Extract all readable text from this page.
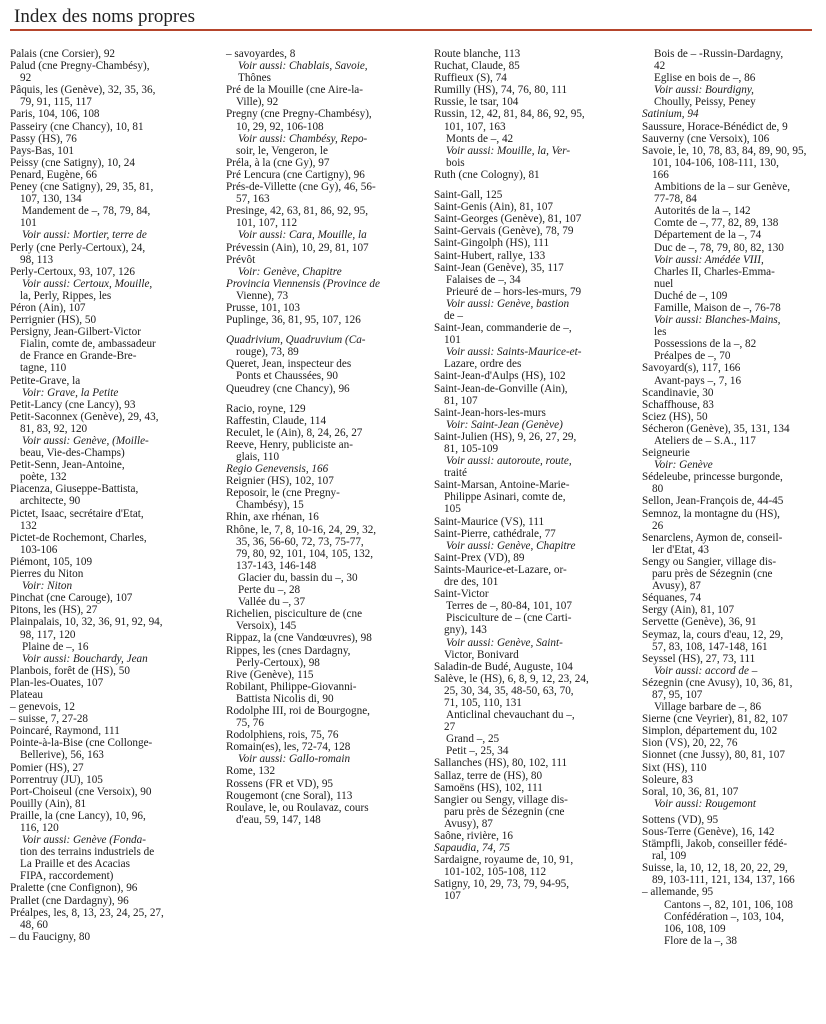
Index des noms propres
Palais (cne Corsier), 92
Palud (cne Pregny-Chambésy),
92
Pâquis, les (Genève), 32, 35, 36,
79, 91, 115, 117
Paris, 104, 106, 108
Passeiry (cne Chancy), 10, 81
Passy (HS), 76
Pays-Bas, 101
Peissy (cne Satigny), 10, 24
Penard, Eugène, 66
Peney (cne Satigny), 29, 35, 81,
107, 130, 134
Mandement de –, 78, 79, 84,
101
Voir aussi: Mortier, terre de
Perly (cne Perly-Certoux), 24,
98, 113
Perly-Certoux, 93, 107, 126
Voir aussi: Certoux, Mouille,
la, Perly, Rippes, les
Péron (Ain), 107
Perrignier (HS), 50
Persigny, Jean-Gilbert-Victor
Fialin, comte de, ambassadeur
de France en Grande-Bre-
tagne, 110
Petite-Grave, la
Voir: Grave, la Petite
Petit-Lancy (cne Lancy), 93
Petit-Saconnex (Genève), 29, 43,
81, 83, 92, 120
Voir aussi: Genève, (Moille-
beau, Vie-des-Champs)
Petit-Senn, Jean-Antoine,
poète, 132
Piacenza, Giuseppe-Battista,
architecte, 90
Pictet, Isaac, secrétaire d'Etat,
132
Pictet-de Rochemont, Charles,
103-106
Piémont, 105, 109
Pierres du Niton
Voir: Niton
Pinchat (cne Carouge), 107
Pitons, les (HS), 27
Plainpalais, 10, 32, 36, 91, 92, 94,
98, 117, 120
Plaine de –, 16
Voir aussi: Bouchardy, Jean
Planbois, forêt de (HS), 50
Plan-les-Ouates, 107
Plateau
– genevois, 12
– suisse, 7, 27-28
Poincaré, Raymond, 111
Pointe-à-la-Bise (cne Collonge-
Bellerive), 56, 163
Pomier (HS), 27
Porrentruy (JU), 105
Port-Choiseul (cne Versoix), 90
Pouilly (Ain), 81
Praille, la (cne Lancy), 10, 96,
116, 120
Voir aussi: Genève (Fonda-
tion des terrains industriels de
La Praille et des Acacias
FIPA, raccordement)
Pralette (cne Confignon), 96
Prallet (cne Dardagny), 96
Préalpes, les, 8, 13, 23, 24, 25, 27,
48, 60
– du Faucigny, 80
– savoyardes, 8
Voir aussi: Chablais, Savoie,
Thônes
Pré de la Mouille (cne Aire-la-
Ville), 92
Pregny (cne Pregny-Chambésy),
10, 29, 92, 106-108
Voir aussi: Chambésy, Repo-
soir, le, Vengeron, le
Préla, à la (cne Gy), 97
Pré Lencura (cne Cartigny), 96
Prés-de-Villette (cne Gy), 46, 56-
57, 163
Presinge, 42, 63, 81, 86, 92, 95,
101, 107, 112
Voir aussi: Cara, Mouille, la
Prévessin (Ain), 10, 29, 81, 107
Prévôt
Voir: Genève, Chapitre
Provincia Viennensis (Province de
Vienne), 73
Prusse, 101, 103
Puplinge, 36, 81, 95, 107, 126
Quadrivium, Quadruvium (Ca-
rouge), 73, 89
Queret, Jean, inspecteur des
Ponts et Chaussées, 90
Queudrey (cne Chancy), 96
Racio, royne, 129
Raffestin, Claude, 114
Reculet, le (Ain), 8, 24, 26, 27
Reeve, Henry, publiciste an-
glais, 110
Regio Genevensis, 166
Reignier (HS), 102, 107
Reposoir, le (cne Pregny-
Chambésy), 15
Rhin, axe rhénan, 16
Rhône, le, 7, 8, 10-16, 24, 29, 32,
35, 36, 56-60, 72, 73, 75-77,
79, 80, 92, 101, 104, 105, 132,
137-143, 146-148
Glacier du, bassin du –, 30
Perte du –, 28
Vallée du –, 37
Richelien, pisciculture de (cne
Versoix), 145
Rippaz, la (cne Vandœuvres), 98
Rippes, les (cnes Dardagny,
Perly-Certoux), 98
Rive (Genève), 115
Robilant, Philippe-Giovanni-
Battista Nicolis di, 90
Rodolphe III, roi de Bourgogne,
75, 76
Rodolphiens, rois, 75, 76
Romain(es), les, 72-74, 128
Voir aussi: Gallo-romain
Rome, 132
Rossens (FR et VD), 95
Rougemont (cne Soral), 113
Roulave, le, ou Roulavaz, cours
d'eau, 59, 147, 148
Route blanche, 113
Ruchat, Claude, 85
Ruffieux (S), 74
Rumilly (HS), 74, 76, 80, 111
Russie, le tsar, 104
Russin, 12, 42, 81, 84, 86, 92, 95,
101, 107, 163
Monts de –, 42
Voir aussi: Mouille, la, Ver-
bois
Ruth (cne Cologny), 81
Saint-Gall, 125
Saint-Genis (Ain), 81, 107
Saint-Georges (Genève), 81, 107
Saint-Gervais (Genève), 78, 79
Saint-Gingolph (HS), 111
Saint-Hubert, rallye, 133
Saint-Jean (Genève), 35, 117
Falaises de –, 34
Prieuré de – hors-les-murs, 79
Voir aussi: Genève, bastion
de –
Saint-Jean, commanderie de –,
101
Voir aussi: Saints-Maurice-et-
Lazare, ordre des
Saint-Jean-d'Aulps (HS), 102
Saint-Jean-de-Gonville (Ain),
81, 107
Saint-Jean-hors-les-murs
Voir: Saint-Jean (Genève)
Saint-Julien (HS), 9, 26, 27, 29,
81, 105-109
Voir aussi: autoroute, route,
traité
Saint-Marsan, Antoine-Marie-
Philippe Asinari, comte de,
105
Saint-Maurice (VS), 111
Saint-Pierre, cathédrale, 77
Voir aussi: Genève, Chapitre
Saint-Prex (VD), 89
Saints-Maurice-et-Lazare, or-
dre des, 101
Saint-Victor
Terres de –, 80-84, 101, 107
Pisciculture de – (cne Carti-
gny), 143
Voir aussi: Genève, Saint-
Victor, Bonivard
Saladin-de Budé, Auguste, 104
Salève, le (HS), 6, 8, 9, 12, 23, 24,
25, 30, 34, 35, 48-50, 63, 70,
71, 105, 110, 131
Anticlinal chevauchant du –,
27
Grand –, 25
Petit –, 25, 34
Sallanches (HS), 80, 102, 111
Sallaz, terre de (HS), 80
Samoëns (HS), 102, 111
Sangier ou Sengy, village dis-
paru près de Sézegnin (cne
Avusy), 87
Saône, rivière, 16
Sapaudia, 74, 75
Sardaigne, royaume de, 10, 91,
101-102, 105-108, 112
Satigny, 10, 29, 73, 79, 94-95,
107
Bois de – -Russin-Dardagny,
42
Eglise en bois de –, 86
Voir aussi: Bourdigny,
Choully, Peissy, Peney
Satinium, 94
Saussure, Horace-Bénédict de, 9
Sauverny (cne Versoix), 106
Savoie, le, 10, 78, 83, 84, 89, 90, 95,
101, 104-106, 108-111, 130,
166
Ambitions de la – sur Genève,
77-78, 84
Autorités de la –, 142
Comte de –, 77, 82, 89, 138
Département de la –, 74
Duc de –, 78, 79, 80, 82, 130
Voir aussi: Amédée VIII,
Charles II, Charles-Emma-
nuel
Duché de –, 109
Famille, Maison de –, 76-78
Voir aussi: Blanches-Mains,
les
Possessions de la –, 82
Préalpes de –, 70
Savoyard(s), 117, 166
Avant-pays –, 7, 16
Scandinavie, 30
Schaffhouse, 83
Sciez (HS), 50
Sécheron (Genève), 35, 131, 134
Ateliers de – S.A., 117
Seigneurie
Voir: Genève
Sédeleube, princesse burgonde,
80
Sellon, Jean-François de, 44-45
Semnoz, la montagne du (HS),
26
Senarclens, Aymon de, conseil-
ler d'Etat, 43
Sengy ou Sangier, village dis-
paru près de Sézegnin (cne
Avusy), 87
Séquanes, 74
Sergy (Ain), 81, 107
Servette (Genève), 36, 91
Seymaz, la, cours d'eau, 12, 29,
57, 83, 108, 147-148, 161
Seyssel (HS), 27, 73, 111
Voir aussi: accord de –
Sézegnin (cne Avusy), 10, 36, 81,
87, 95, 107
Village barbare de –, 86
Sierne (cne Veyrier), 81, 82, 107
Simplon, département du, 102
Sion (VS), 20, 22, 76
Sionnet (cne Jussy), 80, 81, 107
Sixt (HS), 110
Soleure, 83
Soral, 10, 36, 81, 107
Voir aussi: Rougemont
Sottens (VD), 95
Sous-Terre (Genève), 16, 142
Stämpfli, Jakob, conseiller fédé-
ral, 109
Suisse, la, 10, 12, 18, 20, 22, 29,
89, 103-111, 121, 134, 137, 166
– allemande, 95
Cantons –, 82, 101, 106, 108
Confédération –, 103, 104,
106, 108, 109
Flore de la –, 38
